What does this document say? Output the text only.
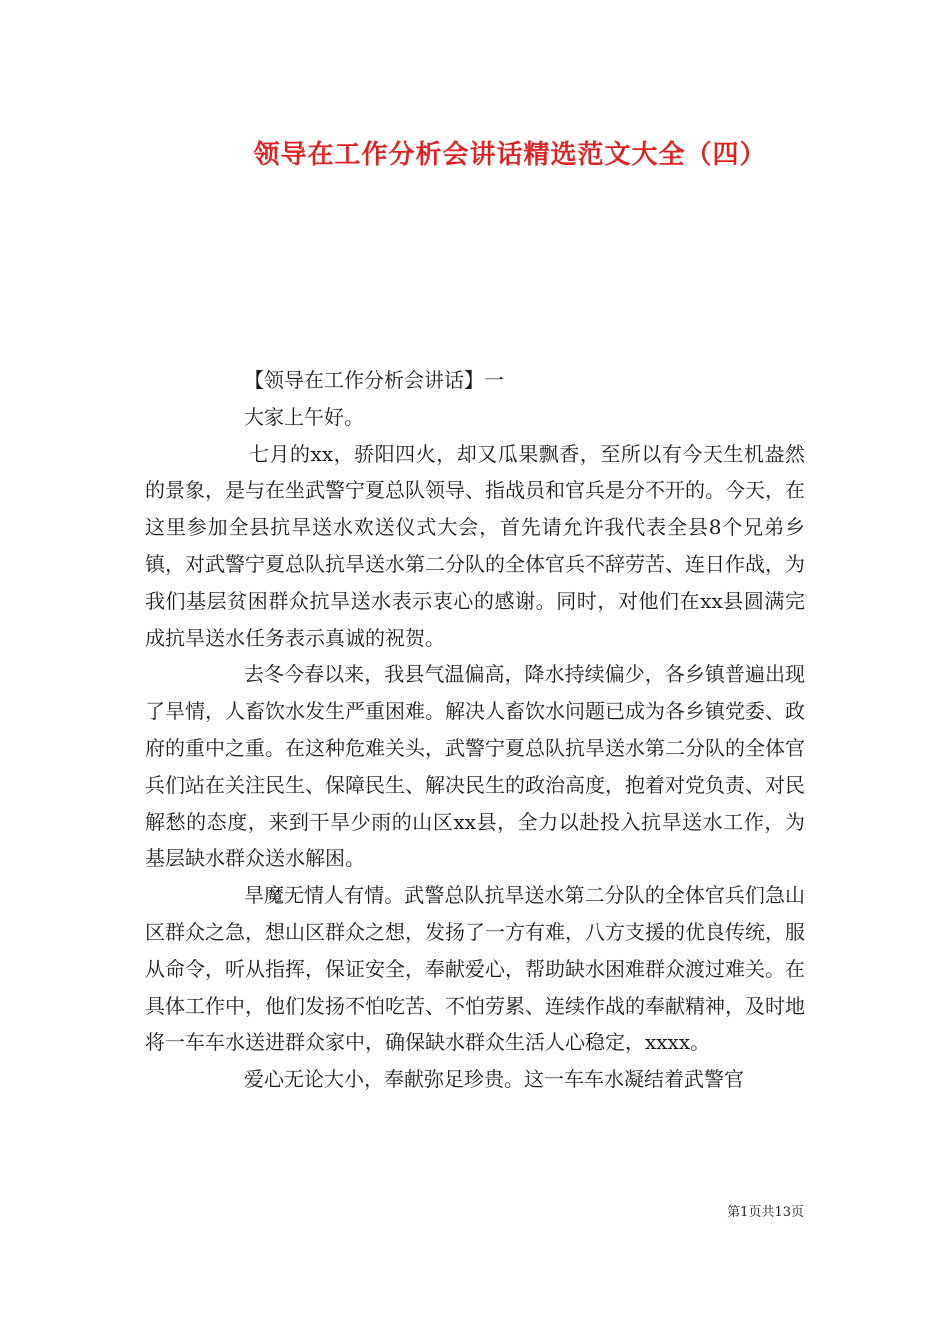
领导在工作分析会讲话精选范文大全（四）

【领导在工作分析会讲话】一

大家上午好。

七月的xx，骄阳四火，却又瓜果飘香，至所以有今天生机盎然的景象，是与在坐武警宁夏总队领导、指战员和官兵是分不开的。今天，在这里参加全县抗旱送水欢送仪式大会，首先请允许我代表全县8个兄弟乡镇，对武警宁夏总队抗旱送水第二分队的全体官兵不辞劳苦、连日作战，为我们基层贫困群众抗旱送水表示衷心的感谢。同时，对他们在xx县圆满完成抗旱送水任务表示真诚的祝贺。

去冬今春以来，我县气温偏高，降水持续偏少，各乡镇普遍出现了旱情，人畜饮水发生严重困难。解决人畜饮水问题已成为各乡镇党委、政府的重中之重。在这种危难关头，武警宁夏总队抗旱送水第二分队的全体官兵们站在关注民生、保障民生、解决民生的政治高度，抱着对党负责、对民解愁的态度，来到干旱少雨的山区xx县，全力以赴投入抗旱送水工作，为基层缺水群众送水解困。

旱魔无情人有情。武警总队抗旱送水第二分队的全体官兵们急山区群众之急，想山区群众之想，发扬了一方有难，八方支援的优良传统，服从命令，听从指挥，保证安全，奉献爱心，帮助缺水困难群众渡过难关。在具体工作中，他们发扬不怕吃苦、不怕劳累、连续作战的奉献精神，及时地将一车车水送进群众家中，确保缺水群众生活人心稳定，xxxx。

爱心无论大小，奉献弥足珍贵。这一车车水凝结着武警官

第1页共13页
